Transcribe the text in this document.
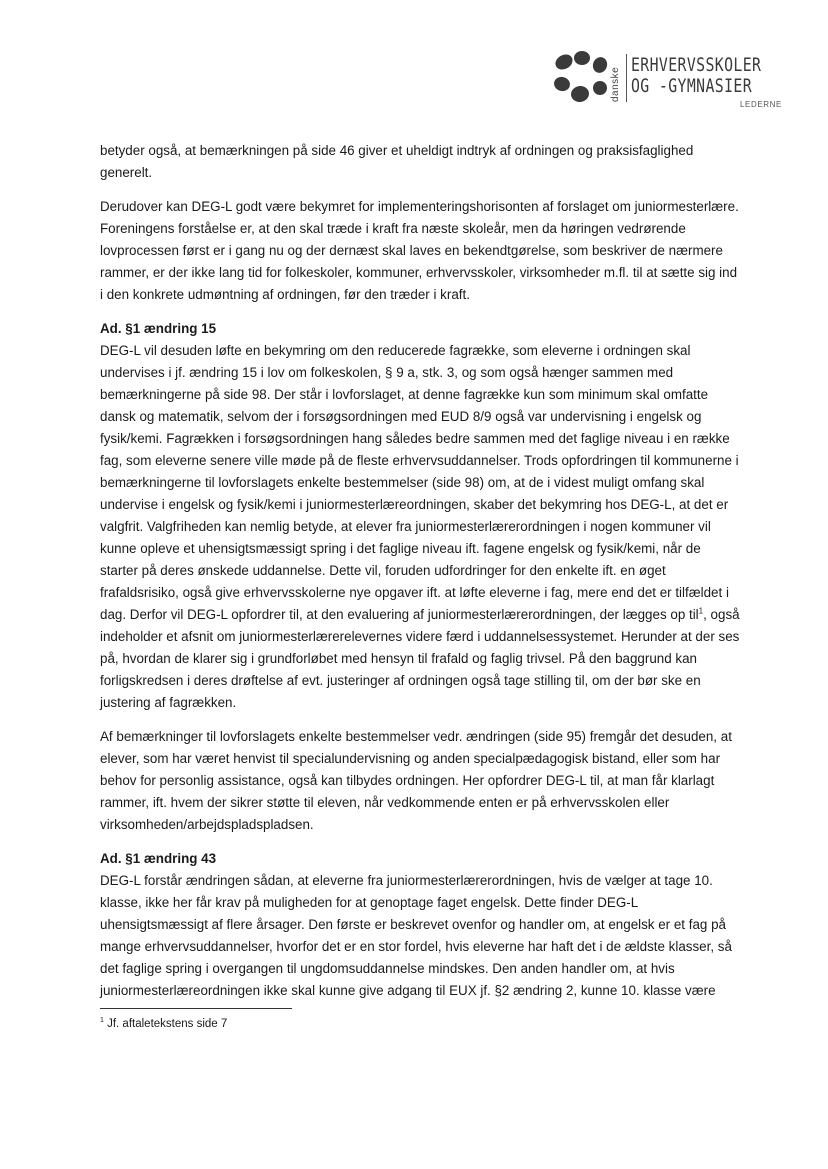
danske
ERHVERVSSKOLER
OG -GYMNASIER
LEDERNE

betyder også, at bemærkningen på side 46 giver et uheldigt indtryk af ordningen og praksisfaglighed generelt.

Derudover kan DEG-L godt være bekymret for implementeringshorisonten af forslaget om juniormesterlære. Foreningens forståelse er, at den skal træde i kraft fra næste skoleår, men da høringen vedrørende lovprocessen først er i gang nu og der dernæst skal laves en bekendtgørelse, som beskriver de nærmere rammer, er der ikke lang tid for folkeskoler, kommuner, erhvervsskoler, virksomheder m.fl. til at sætte sig ind i den konkrete udmøntning af ordningen, før den træder i kraft.

Ad. §1 ændring 15

DEG-L vil desuden løfte en bekymring om den reducerede fagrække, som eleverne i ordningen skal undervises i jf. ændring 15 i lov om folkeskolen, § 9 a, stk. 3, og som også hænger sammen med bemærkningerne på side 98. Der står i lovforslaget, at denne fagrække kun som minimum skal omfatte dansk og matematik, selvom der i forsøgsordningen med EUD 8/9 også var undervisning i engelsk og fysik/kemi. Fagrækken i forsøgsordningen hang således bedre sammen med det faglige niveau i en række fag, som eleverne senere ville møde på de fleste erhvervsuddannelser. Trods opfordringen til kommunerne i bemærkningerne til lovforslagets enkelte bestemmelser (side 98) om, at de i videst muligt omfang skal undervise i engelsk og fysik/kemi i juniormesterlæreordningen, skaber det bekymring hos DEG-L, at det er valgfrit. Valgfriheden kan nemlig betyde, at elever fra juniormesterlærerordningen i nogen kommuner vil kunne opleve et uhensigtsmæssigt spring i det faglige niveau ift. fagene engelsk og fysik/kemi, når de starter på deres ønskede uddannelse. Dette vil, foruden udfordringer for den enkelte ift. en øget frafaldsrisiko, også give erhvervsskolerne nye opgaver ift. at løfte eleverne i fag, mere end det er tilfældet i dag. Derfor vil DEG-L opfordrer til, at den evaluering af juniormesterlærerordningen, der lægges op til$^1$, også indeholder et afsnit om juniormesterlærerelevernes videre færd i uddannelsessystemet. Herunder at der ses på, hvordan de klarer sig i grundforløbet med hensyn til frafald og faglig trivsel. På den baggrund kan forligskredsen i deres drøftelse af evt. justeringer af ordningen også tage stilling til, om der bør ske en justering af fagrækken.

Af bemærkninger til lovforslagets enkelte bestemmelser vedr. ændringen (side 95) fremgår det desuden, at elever, som har været henvist til specialundervisning og anden specialpædagogisk bistand, eller som har behov for personlig assistance, også kan tilbydes ordningen. Her opfordrer DEG-L til, at man får klarlagt rammer, ift. hvem der sikrer støtte til eleven, når vedkommende enten er på erhvervsskolen eller virksomheden/arbejdspladspladsen.

Ad. §1 ændring 43

DEG-L forstår ændringen sådan, at eleverne fra juniormesterlærerordningen, hvis de vælger at tage 10. klasse, ikke her får krav på muligheden for at genoptage faget engelsk. Dette finder DEG-L uhensigtsmæssigt af flere årsager. Den første er beskrevet ovenfor og handler om, at engelsk er et fag på mange erhvervsuddannelser, hvorfor det er en stor fordel, hvis eleverne har haft det i de ældste klasser, så det faglige spring i overgangen til ungdomsuddannelse mindskes. Den anden handler om, at hvis juniormesterlæreordningen ikke skal kunne give adgang til EUX jf. §2 ændring 2, kunne 10. klasse være

$^1$ Jf. aftaletekstens side 7
